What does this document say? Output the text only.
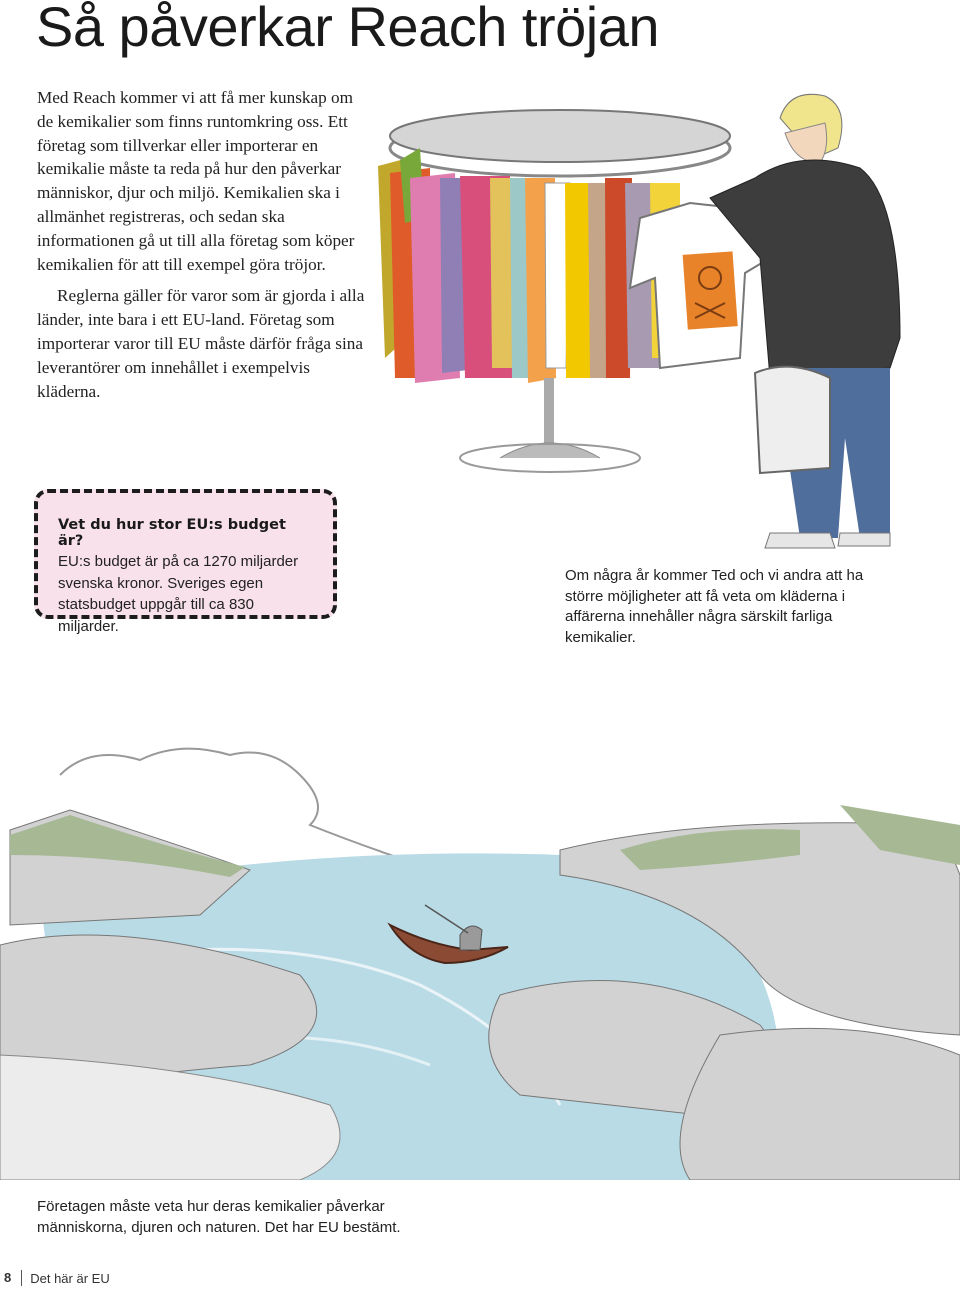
Så påverkar Reach tröjan

Med Reach kommer vi att få mer kunskap om de kemikalier som finns runtomkring oss. Ett företag som tillverkar eller importerar en kemikalie måste ta reda på hur den påverkar människor, djur och miljö. Kemikalien ska i allmänhet registreras, och sedan ska informationen gå ut till alla företag som köper kemikalien för att till exempel göra tröjor.

Reglerna gäller för varor som är gjorda i alla länder, inte bara i ett EU-land. Företag som importerar varor till EU måste därför fråga sina leverantörer om innehållet i exempelvis kläderna.

Vet du hur stor EU:s budget är?
EU:s budget är på ca 1270 miljarder svenska kronor. Sveriges egen statsbudget uppgår till ca 830 miljarder.
Om några år kommer Ted och vi andra att ha större möjligheter att få veta om kläderna i affärerna innehåller några särskilt farliga kemikalier.
Företagen måste veta hur deras kemikalier påverkar människorna, djuren och naturen. Det har EU bestämt.
8	Det här är EU
